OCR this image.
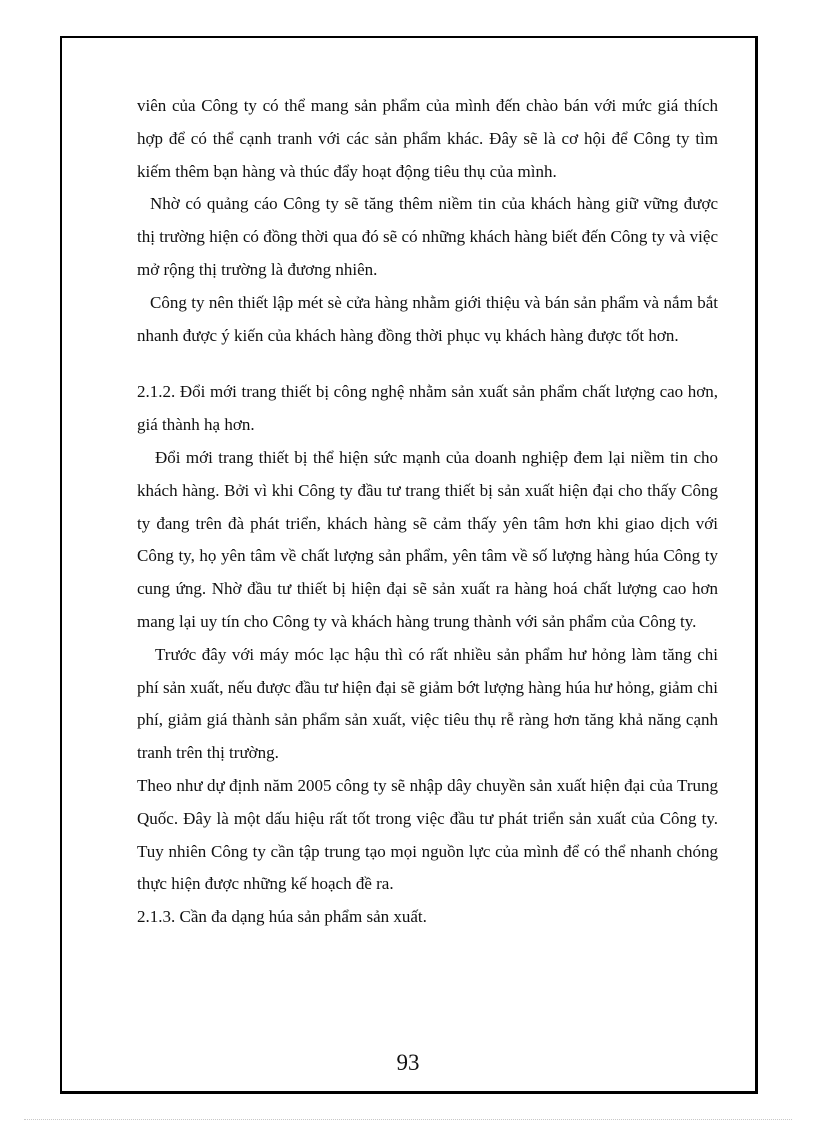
viên của Công ty có thể mang sản phẩm của mình đến chào bán với mức giá thích hợp để có thể cạnh tranh với các sản phẩm khác. Đây sẽ là cơ hội để Công ty tìm kiếm thêm bạn hàng và thúc đẩy hoạt động tiêu thụ của mình.

Nhờ có quảng cáo Công ty sẽ tăng thêm niềm tin của khách hàng giữ vững được thị trường hiện có đồng thời qua đó sẽ có những khách hàng biết đến Công ty và việc mở rộng thị trường là đương nhiên.

Công ty nên thiết lập mét sè cửa hàng nhằm giới thiệu và bán sản phẩm và nắm bắt nhanh được ý kiến của khách hàng đồng thời phục vụ khách hàng được tốt hơn.

2.1.2. Đổi mới trang thiết bị công nghệ nhằm sản xuất sản phẩm chất lượng cao hơn, giá thành hạ hơn.

Đổi mới trang thiết bị thể hiện sức mạnh của doanh nghiệp đem lại niềm tin cho khách hàng. Bởi vì khi Công ty đầu tư trang thiết bị sản xuất hiện đại cho thấy Công ty đang trên đà phát triển, khách hàng sẽ cảm thấy yên tâm hơn khi giao dịch với Công ty, họ yên tâm về chất lượng sản phẩm, yên tâm về số lượng hàng húa Công ty cung ứng. Nhờ đầu tư thiết bị hiện đại sẽ sản xuất ra hàng hoá chất lượng cao hơn mang lại uy tín cho Công ty và khách hàng trung thành với sản phẩm của Công ty.

Trước đây với máy móc lạc hậu thì có rất nhiều sản phẩm hư hỏng làm tăng chi phí sản xuất, nếu được đầu tư hiện đại sẽ giảm bớt lượng hàng húa hư hỏng, giảm chi phí, giảm giá thành sản phẩm sản xuất, việc tiêu thụ rễ ràng hơn tăng khả năng cạnh tranh trên thị trường.

Theo như dự định năm 2005 công ty sẽ nhập dây chuyền sản xuất hiện đại của Trung Quốc. Đây là một dấu hiệu rất tốt trong việc đầu tư phát triển sản xuất của Công ty. Tuy nhiên Công ty cần tập trung tạo mọi nguồn lực của mình để có thể nhanh chóng thực hiện được những kế hoạch đề ra.

2.1.3. Cần đa dạng húa sản phẩm sản xuất.

93
